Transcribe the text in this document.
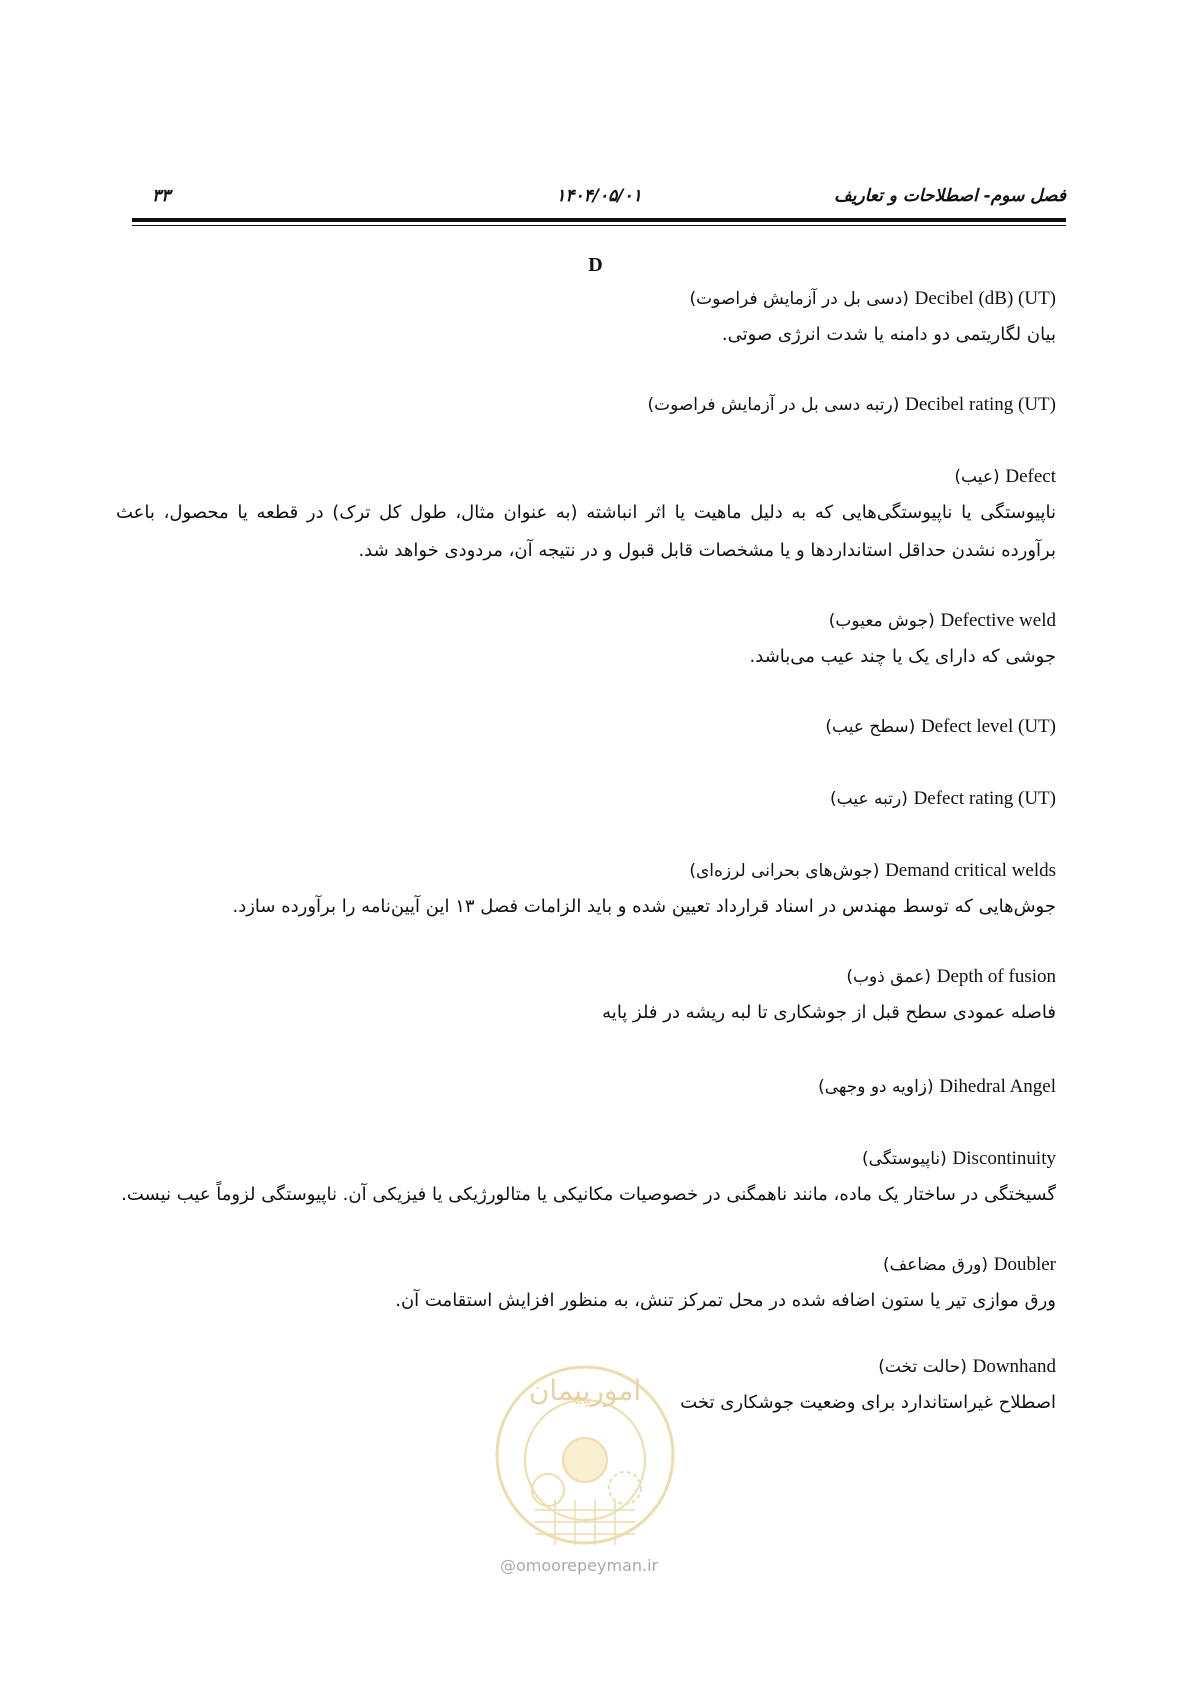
فصل سوم- اصطلاحات و تعاریف
۱۴۰۴/۰۵/۰۱
۳۳
D

Decibel (dB) (UT) (دسی بل در آزمایش فراصوت)

بیان لگاریتمی دو دامنه یا شدت انرژی صوتی.

Decibel rating (UT) (رتبه دسی بل در آزمایش فراصوت)

Defect (عیب)

ناپیوستگی یا ناپیوستگی‌هایی که به دلیل ماهیت یا اثر انباشته (به عنوان مثال، طول کل ترک) در قطعه یا محصول، باعث برآورده نشدن حداقل استانداردها و یا مشخصات قابل قبول و در نتیجه آن، مردودی خواهد شد.

Defective weld (جوش معیوب)

جوشی که دارای یک یا چند عیب می‌باشد.

Defect level (UT) (سطح عیب)

Defect rating (UT) (رتبه عیب)

Demand critical welds (جوش‌های بحرانی لرزه‌ای)

جوش‌هایی که توسط مهندس در اسناد قرارداد تعیین شده و باید الزامات فصل ۱۳ این آیین‌نامه را برآورده سازد.

Depth of fusion (عمق ذوب)

فاصله عمودی سطح قبل از جوشکاری تا لبه ریشه در فلز پایه

Dihedral Angel (زاویه دو وجهی)

Discontinuity (ناپیوستگی)

گسیختگی در ساختار یک ماده، مانند ناهمگنی در خصوصیات مکانیکی یا متالورژیکی یا فیزیکی آن. ناپیوستگی لزوماً عیب نیست.

Doubler (ورق مضاعف)

ورق موازی تیر یا ستون اضافه شده در محل تمرکز تنش، به منظور افزایش استقامت آن.

Downhand (حالت تخت)

اصطلاح غیراستاندارد برای وضعیت جوشکاری تخت

امورپیمان
@omoorepeyman.ir
